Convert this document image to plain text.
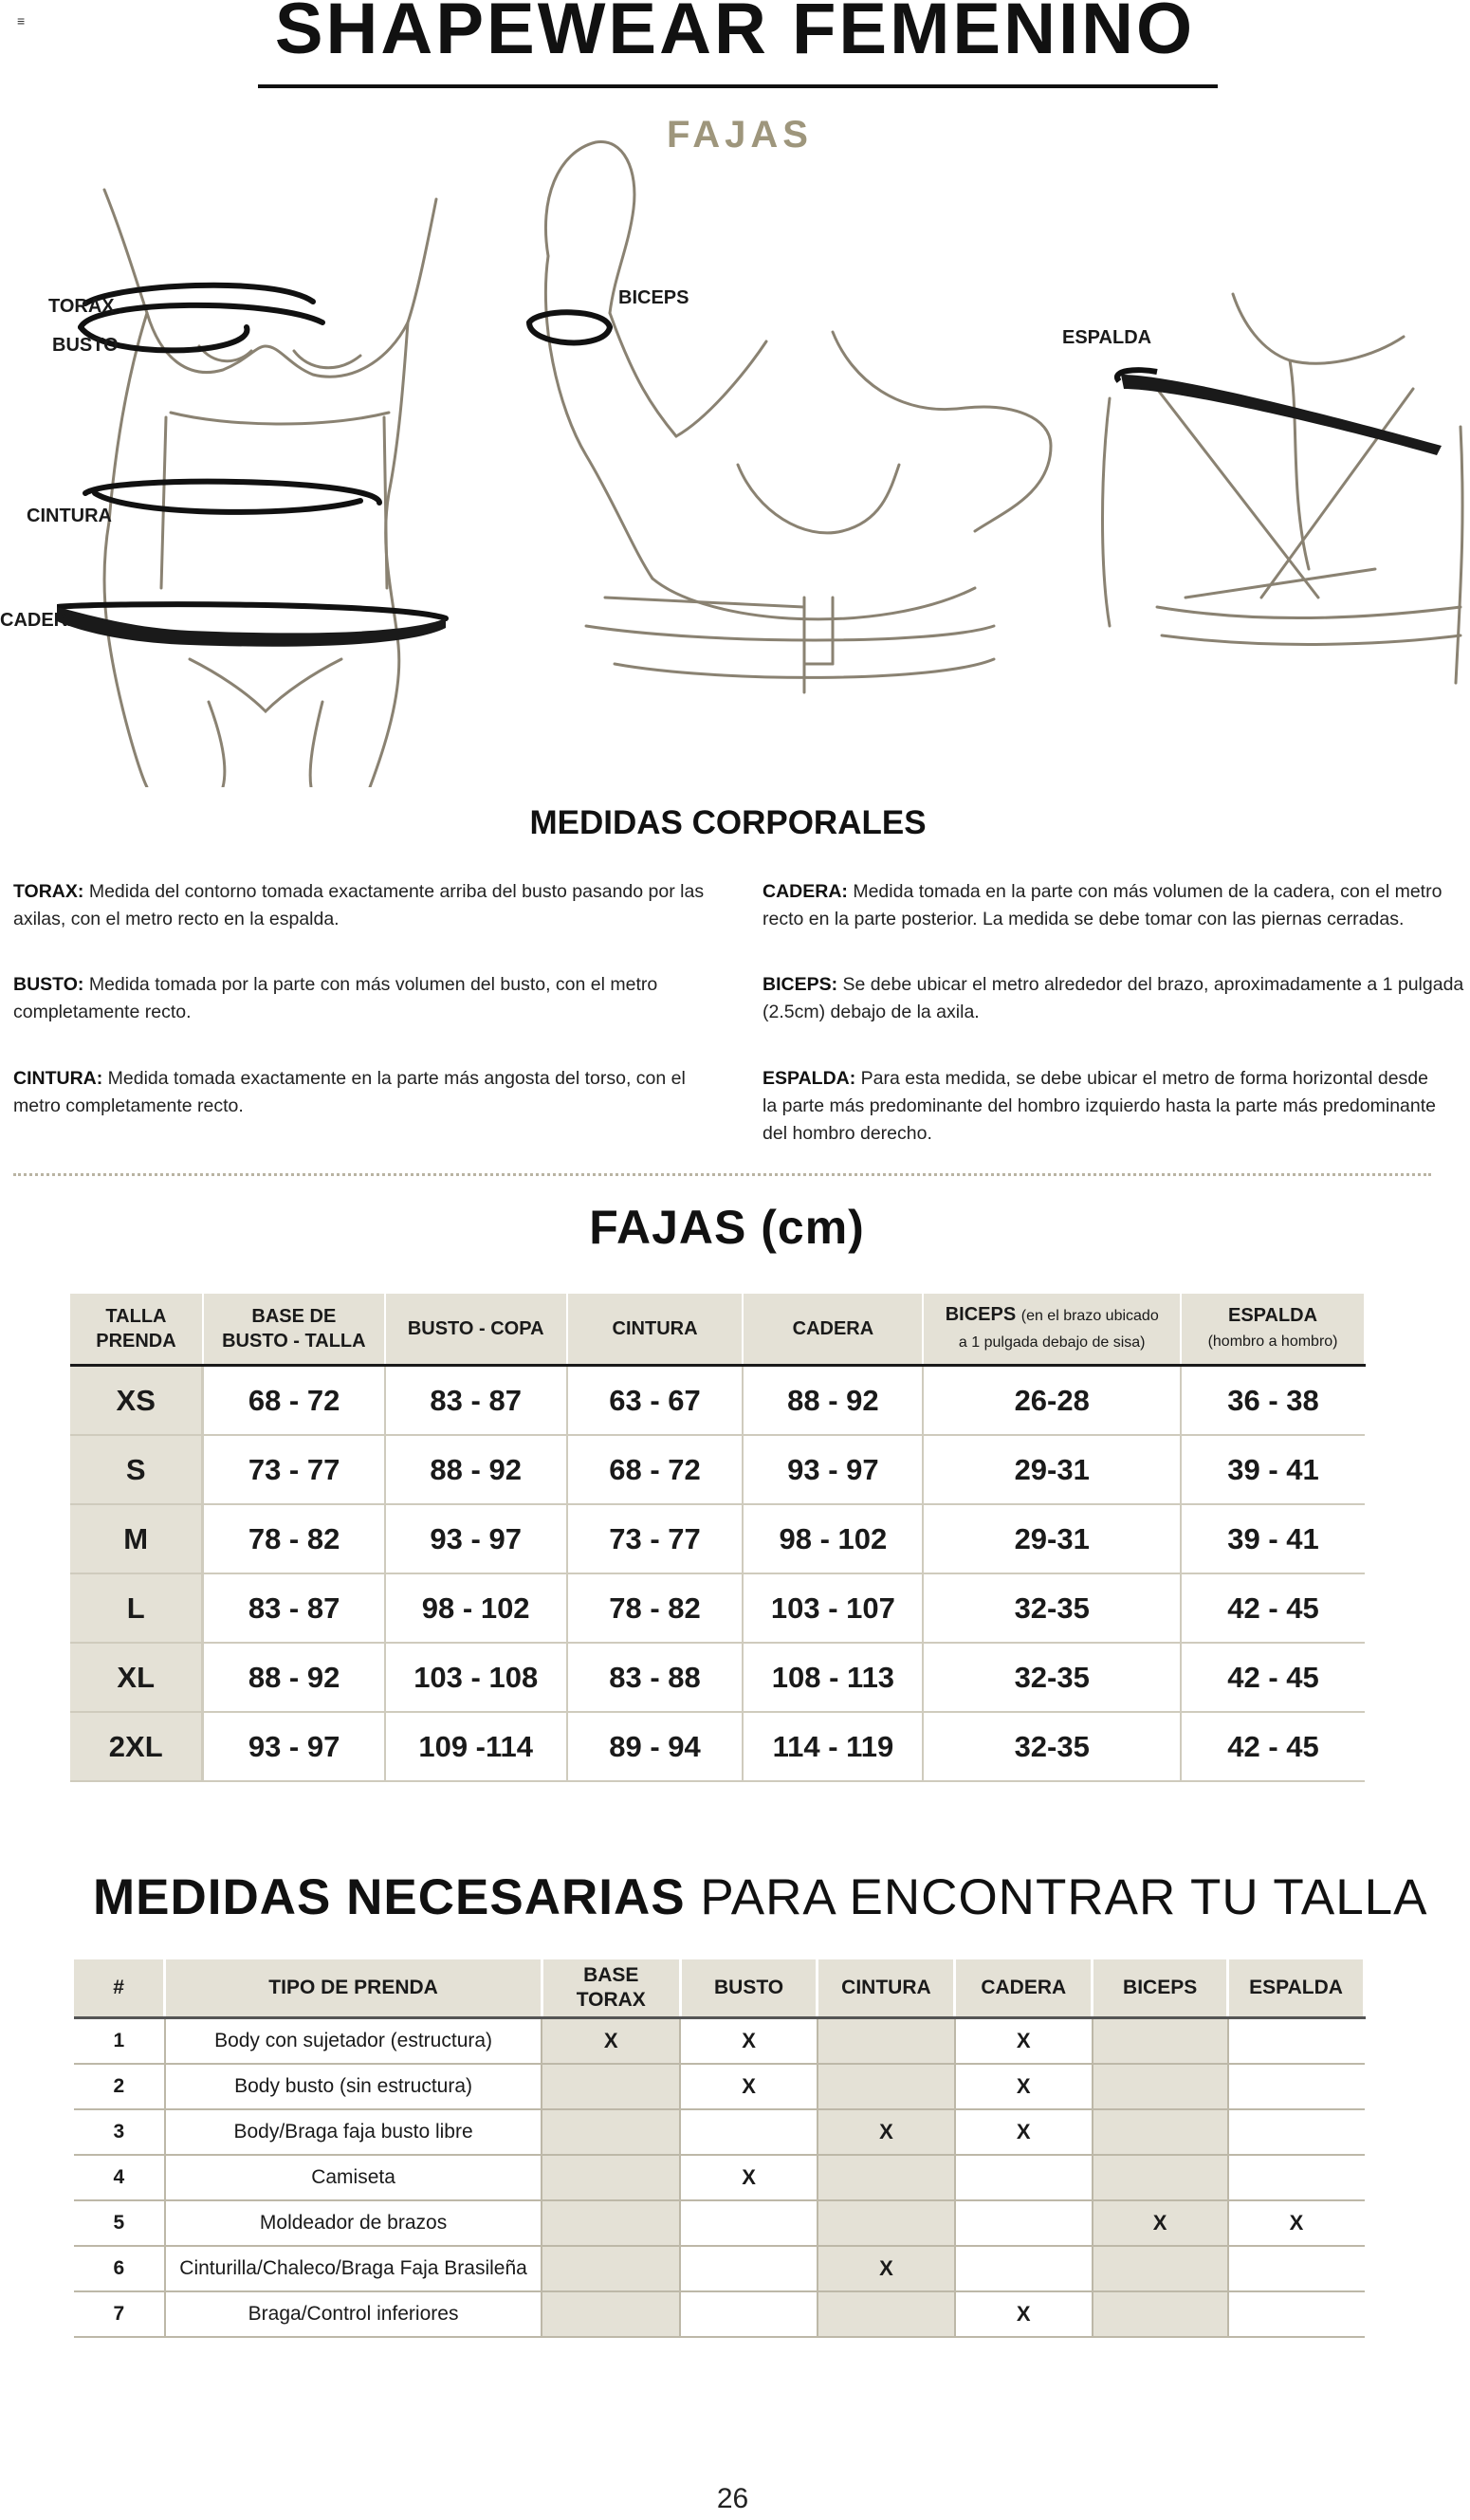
≡	SHAPEWEAR FEMENINO
FAJAS
TORAX
BUSTO
CINTURA
CADERA
BICEPS
ESPALDA
MEDIDAS CORPORALES
TORAX: Medida del contorno tomada exactamente arriba del busto pasando por las axilas, con el metro recto en la espalda.
BUSTO: Medida tomada por la parte con más volumen del busto, con el metro completamente recto.
CINTURA: Medida tomada exactamente en la parte más angosta del torso, con el metro completamente recto.
CADERA: Medida tomada en la parte con más volumen de la cadera, con el metro recto en la parte posterior. La medida se debe tomar con las piernas cerradas.
BICEPS: Se debe ubicar el metro alrededor del brazo, aproximadamente a 1 pulgada (2.5cm) debajo de la axila.
ESPALDA: Para esta medida, se debe ubicar el metro de forma horizontal desde la parte más predominante del hombro izquierdo hasta la parte más predominante del hombro derecho.
FAJAS (cm)
TALLA
PRENDA	BASE DE
BUSTO - TALLA	BUSTO - COPA	CINTURA	CADERA	BICEPS (en el brazo ubicado
a 1 pulgada debajo de sisa)	ESPALDA
(hombro a hombro)
XS	68 - 72	83 - 87	63 - 67	88 - 92	26-28	36 - 38
S	73 - 77	88 - 92	68 - 72	93 - 97	29-31	39 - 41
M	78 - 82	93 - 97	73 - 77	98 - 102	29-31	39 - 41
L	83 - 87	98 - 102	78 - 82	103 - 107	32-35	42 - 45
XL	88 - 92	103 - 108	83 - 88	108 - 113	32-35	42 - 45
2XL	93 - 97	109 -114	89 - 94	114 - 119	32-35	42 - 45
MEDIDAS NECESARIAS PARA ENCONTRAR TU TALLA
#	TIPO DE PRENDA	BASE
TORAX	BUSTO	CINTURA	CADERA	BICEPS	ESPALDA
1	Body con sujetador (estructura)	X	X		X		
2	Body busto (sin estructura)		X		X		
3	Body/Braga faja busto libre			X	X		
4	Camiseta		X				
5	Moldeador de brazos					X	X
6	Cinturilla/Chaleco/Braga Faja Brasileña			X			
7	Braga/Control inferiores				X		
26
